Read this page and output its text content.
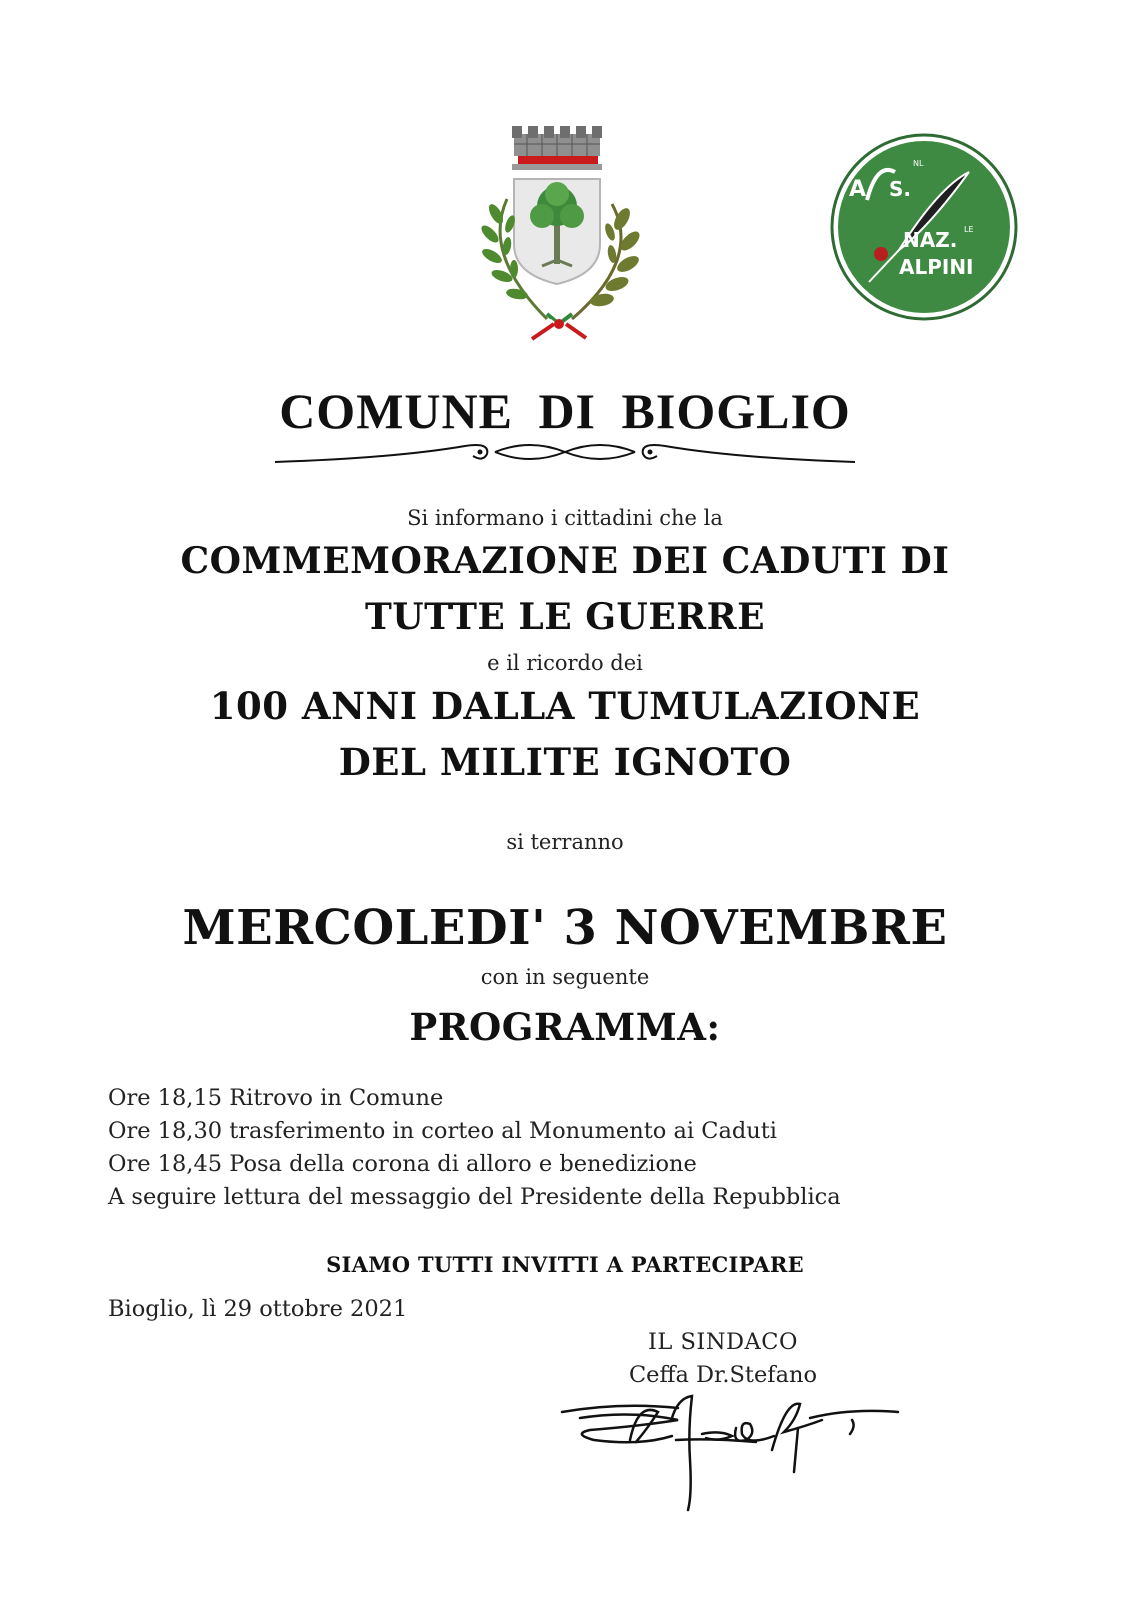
A S.
NL
NAZ. LE
ALPINI
COMUNE DI BIOGLIO
Si informano i cittadini che la
COMMEMORAZIONE DEI CADUTI DI
TUTTE LE GUERRE
e il ricordo dei
100 ANNI DALLA TUMULAZIONE
DEL MILITE IGNOTO
si terranno
MERCOLEDI' 3 NOVEMBRE
con in seguente
PROGRAMMA:
Ore 18,15 Ritrovo in Comune
Ore 18,30 trasferimento in corteo al Monumento ai Caduti
Ore 18,45 Posa della corona di alloro e benedizione
A seguire lettura del messaggio del Presidente della Repubblica
SIAMO TUTTI INVITTI A PARTECIPARE
Bioglio, lì 29 ottobre 2021
IL SINDACO
Ceffa Dr.Stefano
